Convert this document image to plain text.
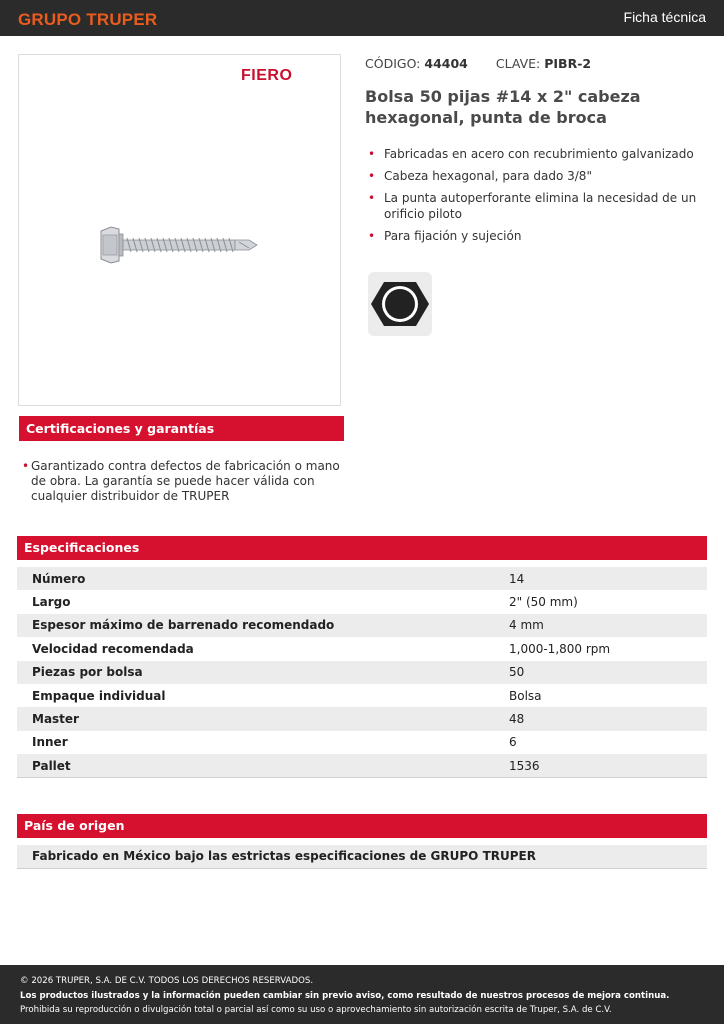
GRUPO TRUPER	Ficha técnica
FIERO
CÓDIGO: 44404 CLAVE: PIBR-2
Bolsa 50 pijas #14 x 2" cabeza hexagonal, punta de broca
• Fabricadas en acero con recubrimiento galvanizado
• Cabeza hexagonal, para dado 3/8"
• La punta autoperforante elimina la necesidad de un orificio piloto
• Para fijación y sujeción
Certificaciones y garantías
• Garantizado contra defectos de fabricación o mano de obra. La garantía se puede hacer válida con cualquier distribuidor de TRUPER
Especificaciones
Número	14
Largo	2" (50 mm)
Espesor máximo de barrenado recomendado	4 mm
Velocidad recomendada	1,000-1,800 rpm
Piezas por bolsa	50
Empaque individual	Bolsa
Master	48
Inner	6
Pallet	1536
País de origen
Fabricado en México bajo las estrictas especificaciones de GRUPO TRUPER
© 2026 TRUPER, S.A. DE C.V. TODOS LOS DERECHOS RESERVADOS.
Los productos ilustrados y la información pueden cambiar sin previo aviso, como resultado de nuestros procesos de mejora continua.
Prohibida su reproducción o divulgación total o parcial así como su uso o aprovechamiento sin autorización escrita de Truper, S.A. de C.V.
